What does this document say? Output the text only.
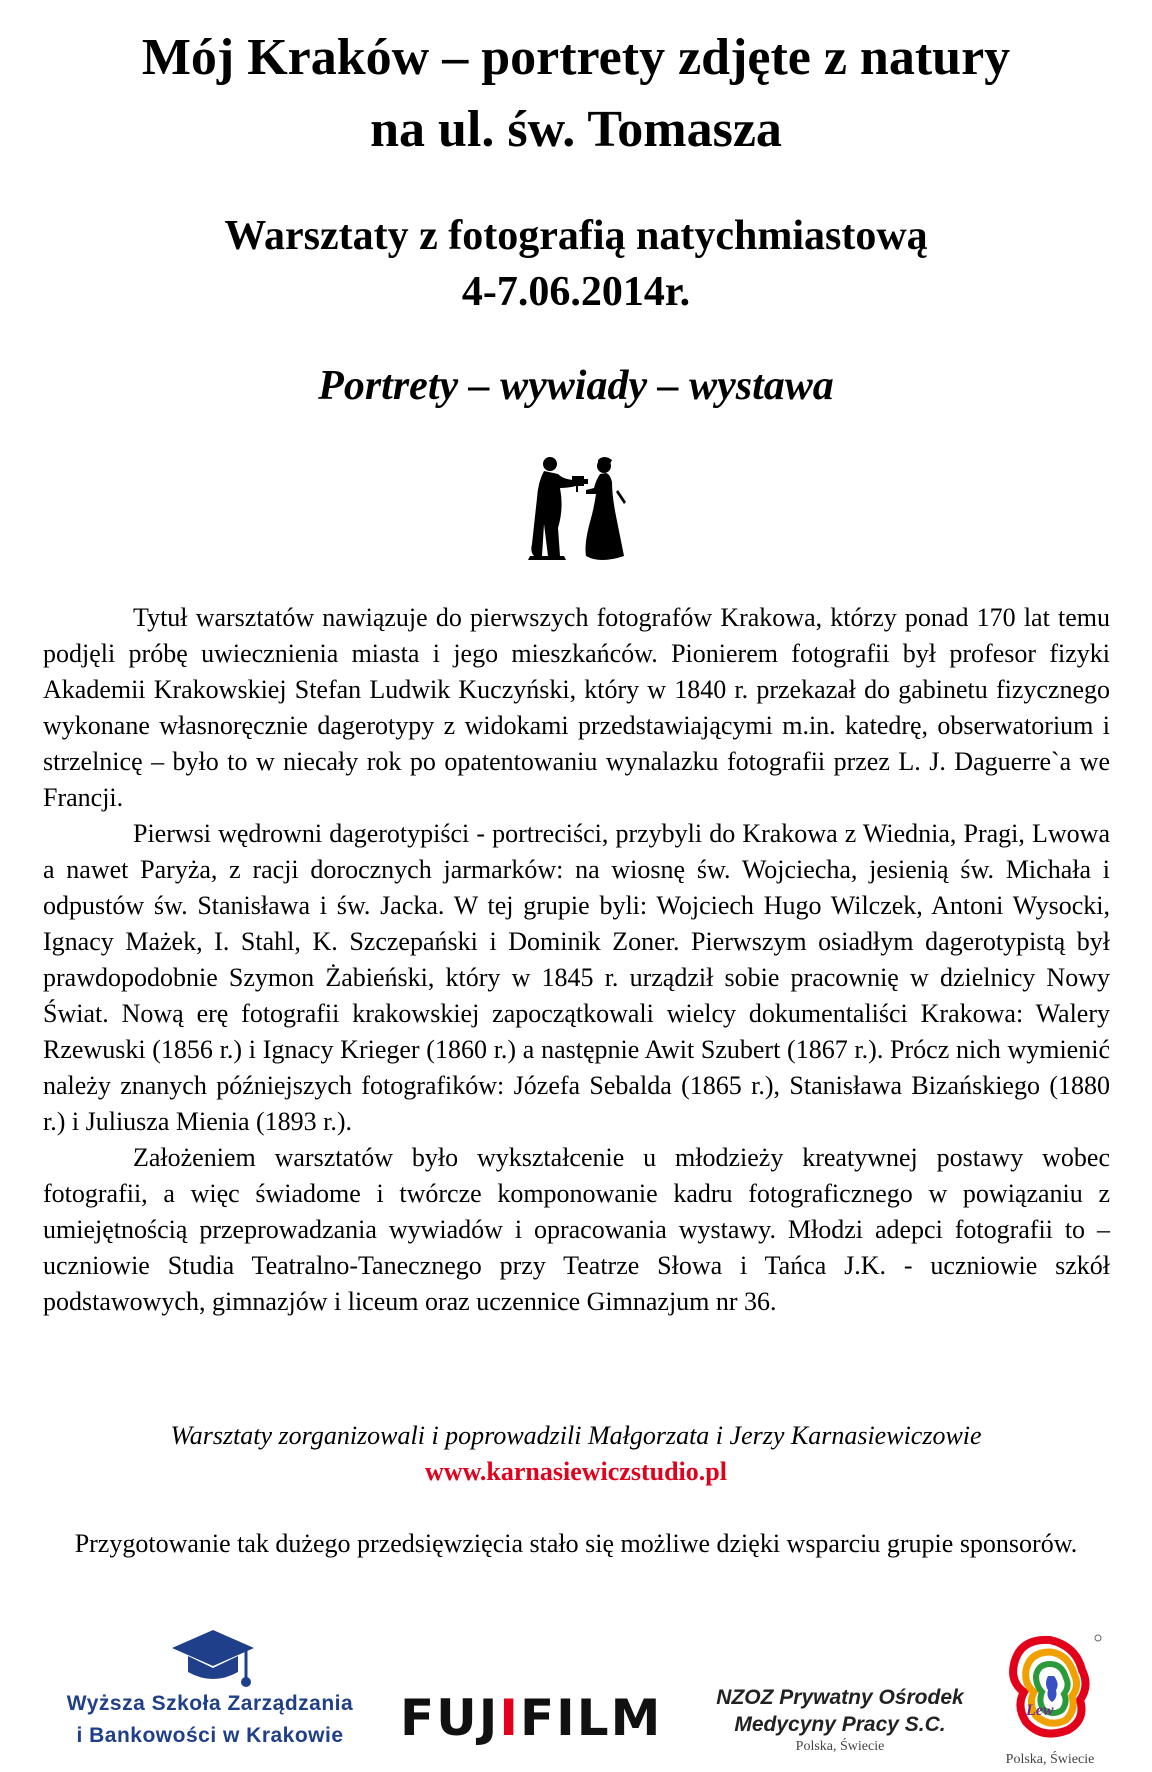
Mój Kraków – portrety zdjęte z natury
na ul. św. Tomasza
Warsztaty z fotografią natychmiastową
4-7.06.2014r.
Portrety – wywiady – wystawa

Tytuł warsztatów nawiązuje do pierwszych fotografów Krakowa, którzy ponad 170 lat temu podjęli próbę uwiecznienia miasta i jego mieszkańców. Pionierem fotografii był profesor fizyki Akademii Krakowskiej Stefan Ludwik Kuczyński, który w 1840 r. przekazał do gabinetu fizycznego wykonane własnoręcznie dagerotypy z widokami przedstawiającymi m.in. katedrę, obserwatorium i strzelnicę – było to w niecały rok po opatentowaniu wynalazku fotografii przez L. J. Daguerre`a we Francji.

Pierwsi wędrowni dagerotypiści - portreciści, przybyli do Krakowa z Wiednia, Pragi, Lwowa a nawet Paryża, z racji dorocznych jarmarków: na wiosnę św. Wojciecha, jesienią św. Michała i odpustów św. Stanisława i św. Jacka. W tej grupie byli: Wojciech Hugo Wilczek, Antoni Wysocki, Ignacy Mażek, I. Stahl, K. Szczepański i Dominik Zoner. Pierwszym osiadłym dagerotypistą był prawdopodobnie Szymon Żabieński, który w 1845 r. urządził sobie pracownię w dzielnicy Nowy Świat. Nową erę fotografii krakowskiej zapoczątkowali wielcy dokumentaliści Krakowa: Walery Rzewuski (1856 r.) i Ignacy Krieger (1860 r.) a następnie Awit Szubert (1867 r.). Prócz nich wymienić należy znanych późniejszych fotografików: Józefa Sebalda (1865 r.), Stanisława Bizańskiego (1880 r.) i Juliusza Mienia (1893 r.).

Założeniem warsztatów było wykształcenie u młodzieży kreatywnej postawy wobec fotografii, a więc świadome i twórcze komponowanie kadru fotograficznego w powiązaniu z umiejętnością przeprowadzania wywiadów i opracowania wystawy. Młodzi adepci fotografii to – uczniowie Studia Teatralno-Tanecznego przy Teatrze Słowa i Tańca J.K. - uczniowie szkół podstawowych, gimnazjów i liceum oraz uczennice Gimnazjum nr 36.

Warsztaty zorganizowali i poprowadzili Małgorzata i Jerzy Karnasiewiczowie
www.karnasiewiczstudio.pl
Przygotowanie tak dużego przedsięwzięcia stało się możliwe dzięki wsparciu grupie sponsorów.
Wyższa Szkoła Zarządzania
i Bankowości w Krakowie	FUJIFILM	NZOZ Prywatny Ośrodek
Medycyny Pracy S.C.
Polska, Świecie
Lew
Polska, Świecie
